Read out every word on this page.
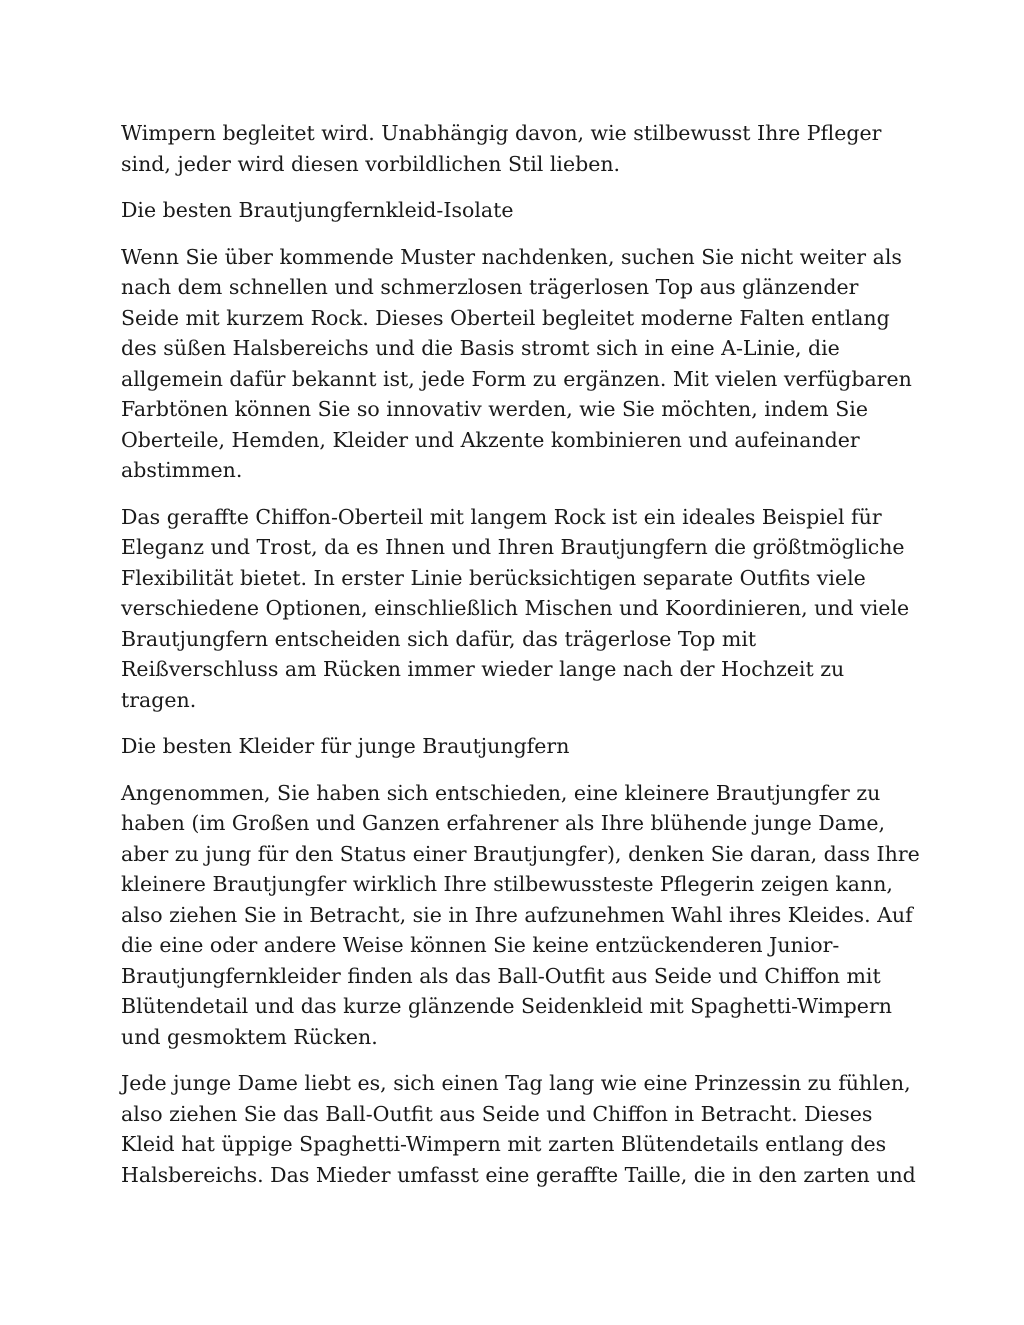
Wimpern begleitet wird. Unabhängig davon, wie stilbewusst Ihre Pfleger
sind, jeder wird diesen vorbildlichen Stil lieben.

Die besten Brautjungfernkleid-Isolate

Wenn Sie über kommende Muster nachdenken, suchen Sie nicht weiter als
nach dem schnellen und schmerzlosen trägerlosen Top aus glänzender
Seide mit kurzem Rock. Dieses Oberteil begleitet moderne Falten entlang
des süßen Halsbereichs und die Basis stromt sich in eine A-Linie, die
allgemein dafür bekannt ist, jede Form zu ergänzen. Mit vielen verfügbaren
Farbtönen können Sie so innovativ werden, wie Sie möchten, indem Sie
Oberteile, Hemden, Kleider und Akzente kombinieren und aufeinander
abstimmen.

Das geraffte Chiffon-Oberteil mit langem Rock ist ein ideales Beispiel für
Eleganz und Trost, da es Ihnen und Ihren Brautjungfern die größtmögliche
Flexibilität bietet. In erster Linie berücksichtigen separate Outfits viele
verschiedene Optionen, einschließlich Mischen und Koordinieren, und viele
Brautjungfern entscheiden sich dafür, das trägerlose Top mit
Reißverschluss am Rücken immer wieder lange nach der Hochzeit zu
tragen.

Die besten Kleider für junge Brautjungfern

Angenommen, Sie haben sich entschieden, eine kleinere Brautjungfer zu
haben (im Großen und Ganzen erfahrener als Ihre blühende junge Dame,
aber zu jung für den Status einer Brautjungfer), denken Sie daran, dass Ihre
kleinere Brautjungfer wirklich Ihre stilbewussteste Pflegerin zeigen kann,
also ziehen Sie in Betracht, sie in Ihre aufzunehmen Wahl ihres Kleides. Auf
die eine oder andere Weise können Sie keine entzückenderen Junior-
Brautjungfernkleider finden als das Ball-Outfit aus Seide und Chiffon mit
Blütendetail und das kurze glänzende Seidenkleid mit Spaghetti-Wimpern
und gesmoktem Rücken.

Jede junge Dame liebt es, sich einen Tag lang wie eine Prinzessin zu fühlen,
also ziehen Sie das Ball-Outfit aus Seide und Chiffon in Betracht. Dieses
Kleid hat üppige Spaghetti-Wimpern mit zarten Blütendetails entlang des
Halsbereichs. Das Mieder umfasst eine geraffte Taille, die in den zarten und
